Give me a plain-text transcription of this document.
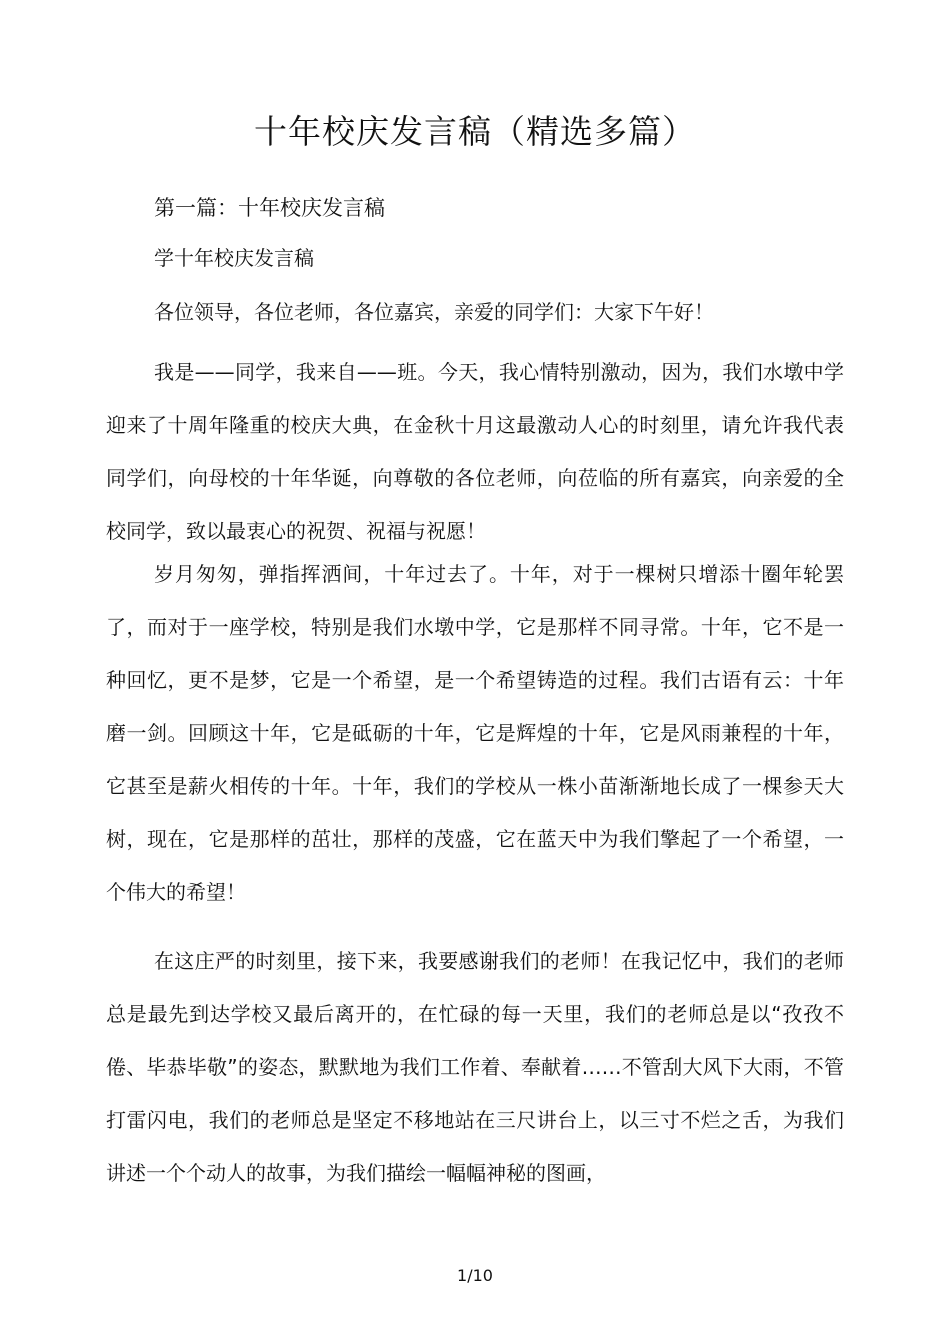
十年校庆发言稿（精选多篇）
第一篇：十年校庆发言稿

学十年校庆发言稿

各位领导，各位老师，各位嘉宾，亲爱的同学们：大家下午好！

我是——同学，我来自——班。今天，我心情特别激动，因为，我们水墩中学迎来了十周年隆重的校庆大典，在金秋十月这最激动人心的时刻里，请允许我代表同学们，向母校的十年华诞，向尊敬的各位老师，向莅临的所有嘉宾，向亲爱的全校同学，致以最衷心的祝贺、祝福与祝愿！

岁月匆匆，弹指挥洒间，十年过去了。十年，对于一棵树只增添十圈年轮罢了，而对于一座学校，特别是我们水墩中学，它是那样不同寻常。十年，它不是一种回忆，更不是梦，它是一个希望，是一个希望铸造的过程。我们古语有云：十年磨一剑。回顾这十年，它是砥砺的十年，它是辉煌的十年，它是风雨兼程的十年，它甚至是薪火相传的十年。十年，我们的学校从一株小苗渐渐地长成了一棵参天大树，现在，它是那样的茁壮，那样的茂盛，它在蓝天中为我们擎起了一个希望，一个伟大的希望！

在这庄严的时刻里，接下来，我要感谢我们的老师！在我记忆中，我们的老师总是最先到达学校又最后离开的，在忙碌的每一天里，我们的老师总是以“孜孜不倦、毕恭毕敬”的姿态，默默地为我们工作着、奉献着……不管刮大风下大雨，不管打雷闪电，我们的老师总是坚定不移地站在三尺讲台上，以三寸不烂之舌，为我们讲述一个个动人的故事，为我们描绘一幅幅神秘的图画，

1/10
